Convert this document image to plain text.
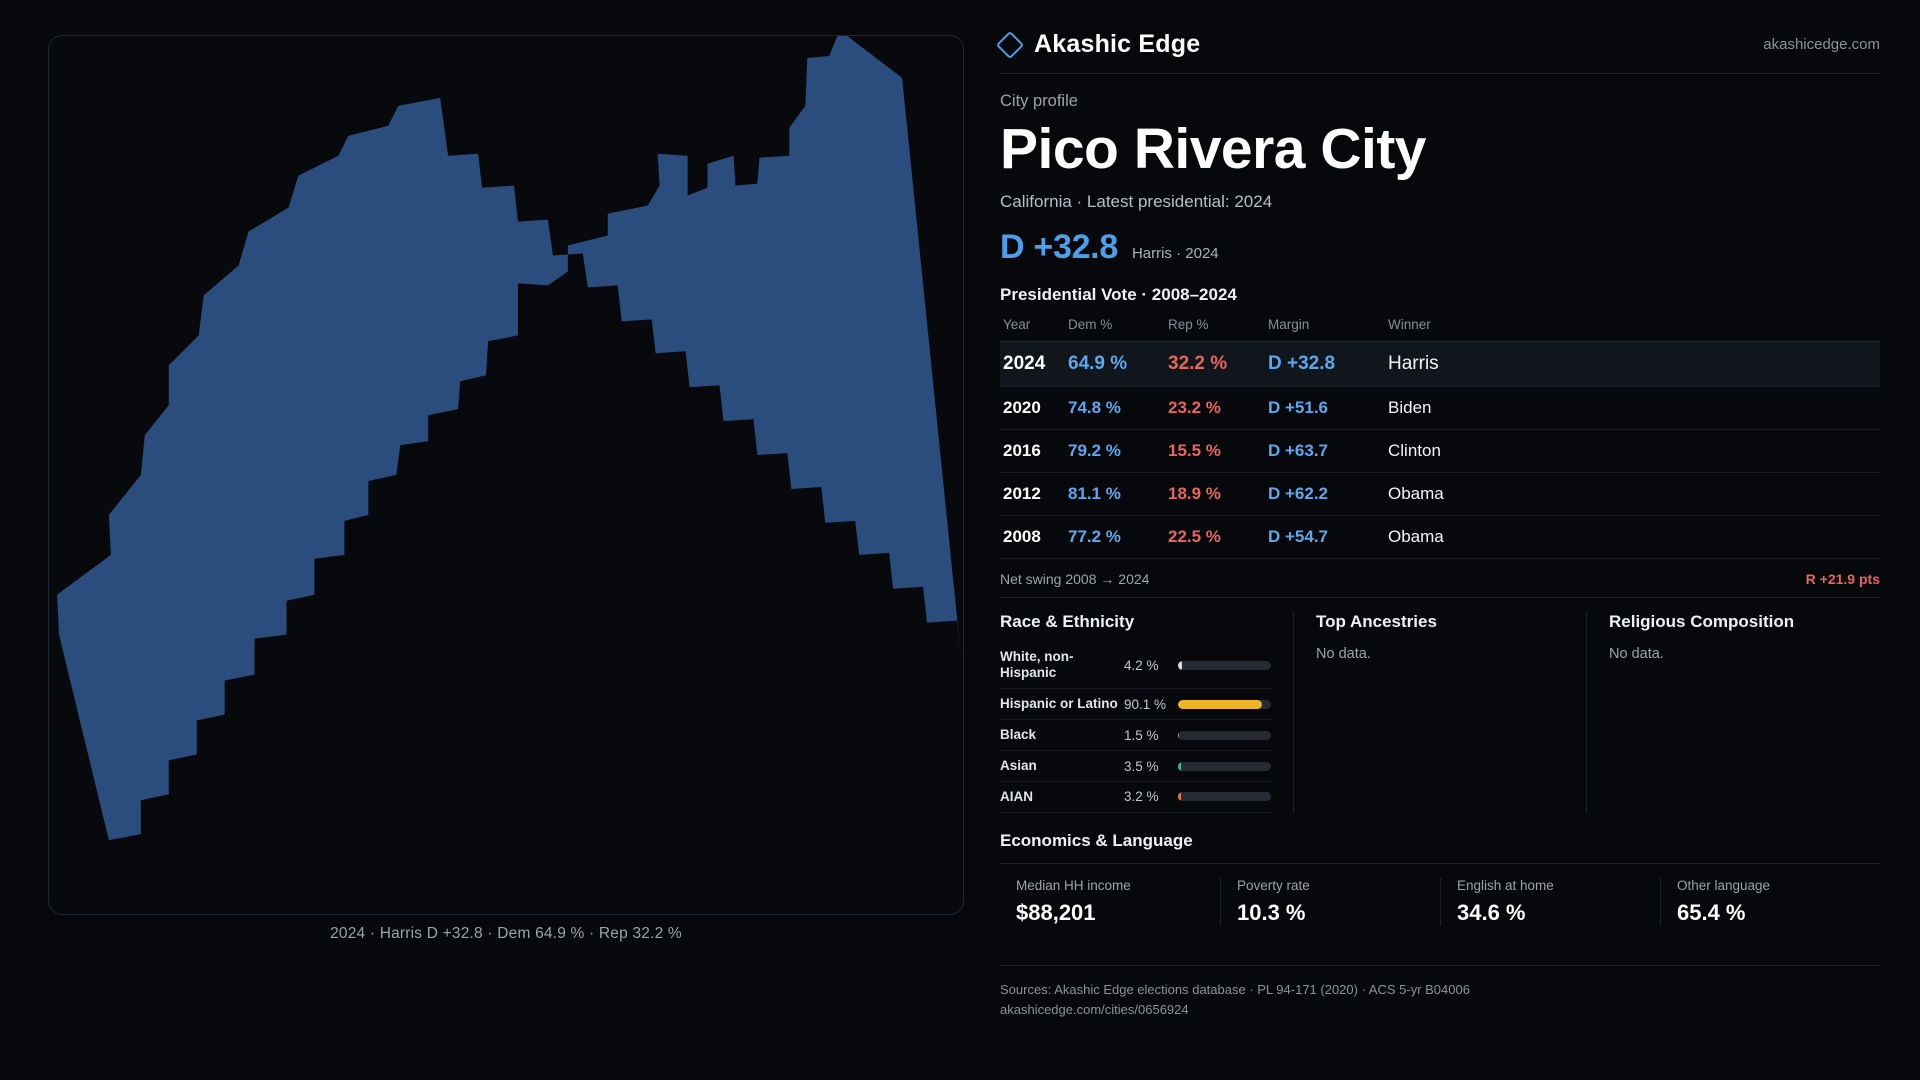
2024 · Harris D +32.8 · Dem 64.9 % · Rep 32.2 %
Akashic Edge	akashicedge.com
City profile
Pico Rivera City
California · Latest presidential: 2024
D +32.8 Harris · 2024
Presidential Vote · 2008–2024
Year	Dem %	Rep %	Margin	Winner
2024	64.9 %	32.2 %	D +32.8	Harris
2020	74.8 %	23.2 %	D +51.6	Biden
2016	79.2 %	15.5 %	D +63.7	Clinton
2012	81.1 %	18.9 %	D +62.2	Obama
2008	77.2 %	22.5 %	D +54.7	Obama
Net swing 2008 → 2024	R +21.9 pts
Race & Ethnicity
White, non-Hispanic	4.2 %
Hispanic or Latino 90.1 %
Black	1.5 %
Asian	3.5 %
AIAN	3.2 %
Top Ancestries
No data.
Religious Composition
No data.
Economics & Language
Median HH income
$88,201
Poverty rate
10.3 %
English at home
34.6 %
Other language
65.4 %
Sources: Akashic Edge elections database · PL 94-171 (2020) · ACS 5-yr B04006
akashicedge.com/cities/0656924
